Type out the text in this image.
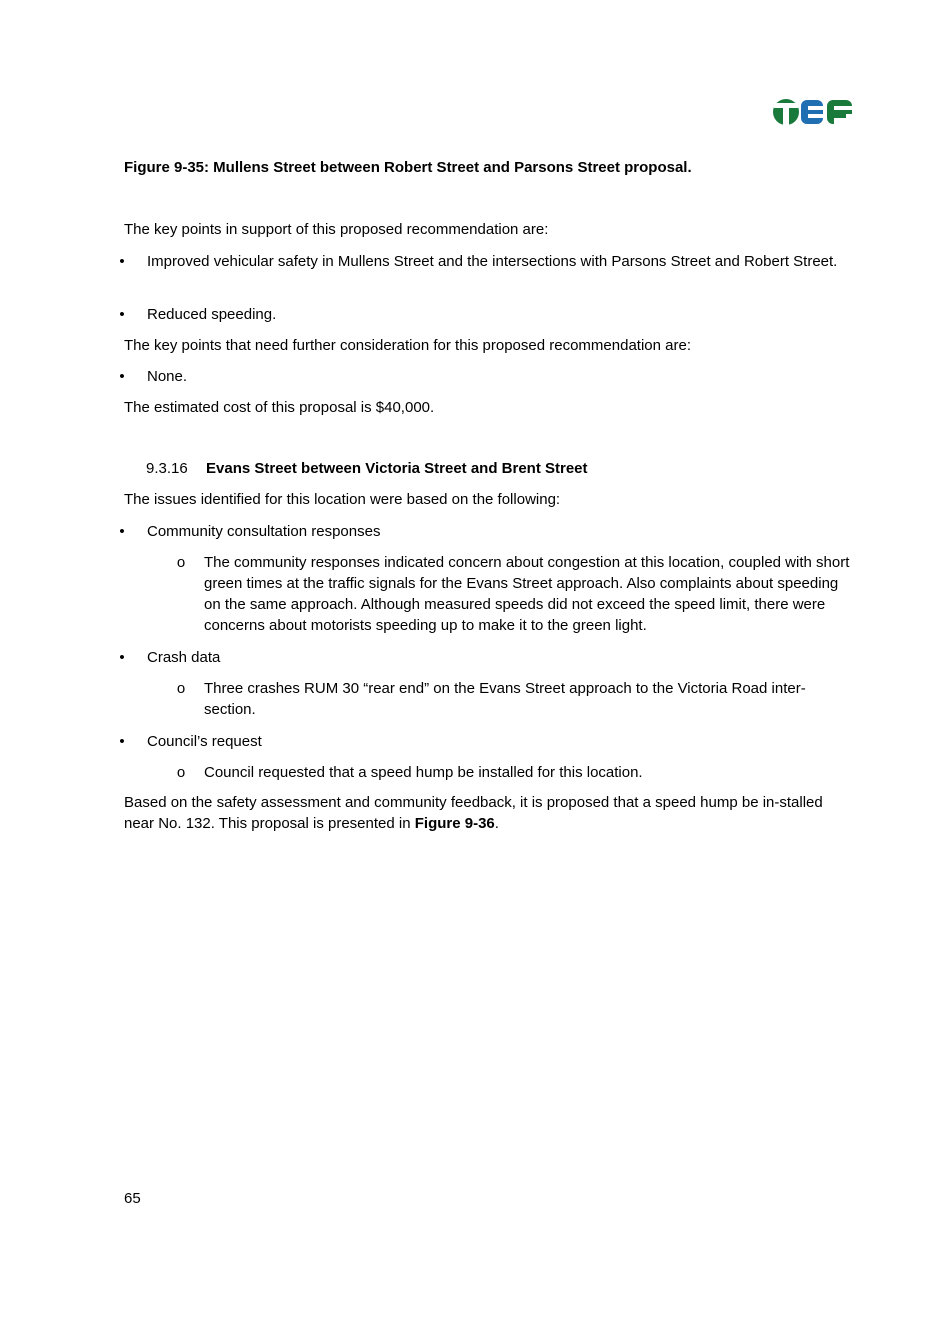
Figure 9-35: Mullens Street between Robert Street and Parsons Street proposal.
The key points in support of this proposed recommendation are:
• Improved vehicular safety in Mullens Street and the intersections with Parsons Street and Robert Street.
• Reduced speeding.
The key points that need further consideration for this proposed recommendation are:
• None.
The estimated cost of this proposal is $40,000.
9.3.16 Evans Street between Victoria Street and Brent Street
The issues identified for this location were based on the following:
• Community consultation responses
o The community responses indicated concern about congestion at this location, coupled with short green times at the traffic signals for the Evans Street approach. Also complaints about speeding on the same approach. Although measured speeds did not exceed the speed limit, there were concerns about motorists speeding up to make it to the green light.
• Crash data
o Three crashes RUM 30 “rear end” on the Evans Street approach to the Victoria Road inter-section.
• Council’s request
o Council requested that a speed hump be installed for this location.
Based on the safety assessment and community feedback, it is proposed that a speed hump be in-stalled near No. 132. This proposal is presented in Figure 9-36.
65
